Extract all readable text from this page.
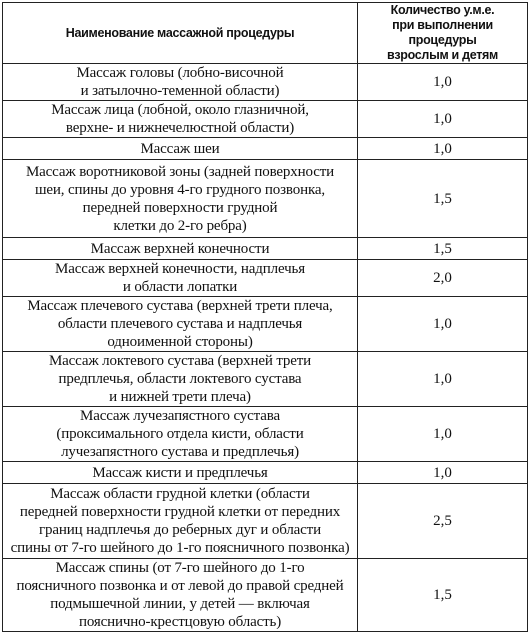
Наименование массажной процедуры	Количество у.м.е.
при выполнении процедуры
взрослым и детям

Массаж головы (лобно-височной
и затылочно-теменной области)	1,0

Массаж лица (лобной, около глазничной,
верхне- и нижнечелюстной области)	1,0

Массаж шеи	1,0

Массаж воротниковой зоны (задней поверхности
шеи, спины до уровня 4-го грудного позвонка,
передней поверхности грудной
клетки до 2-го ребра)	1,5

Массаж верхней конечности	1,5

Массаж верхней конечности, надплечья
и области лопатки	2,0

Массаж плечевого сустава (верхней трети плеча,
области плечевого сустава и надплечья
одноименной стороны)	1,0

Массаж локтевого сустава (верхней трети
предплечья, области локтевого сустава
и нижней трети плеча)	1,0

Массаж лучезапястного сустава
(проксимального отдела кисти, области
лучезапястного сустава и предплечья)	1,0

Массаж кисти и предплечья	1,0

Массаж области грудной клетки (области
передней поверхности грудной клетки от передних
границ надплечья до реберных дуг и области
спины от 7-го шейного до 1-го поясничного позвонка)	2,5

Массаж спины (от 7-го шейного до 1-го
поясничного позвонка и от левой до правой средней
подмышечной линии, у детей — включая
пояснично-крестцовую область)	1,5
